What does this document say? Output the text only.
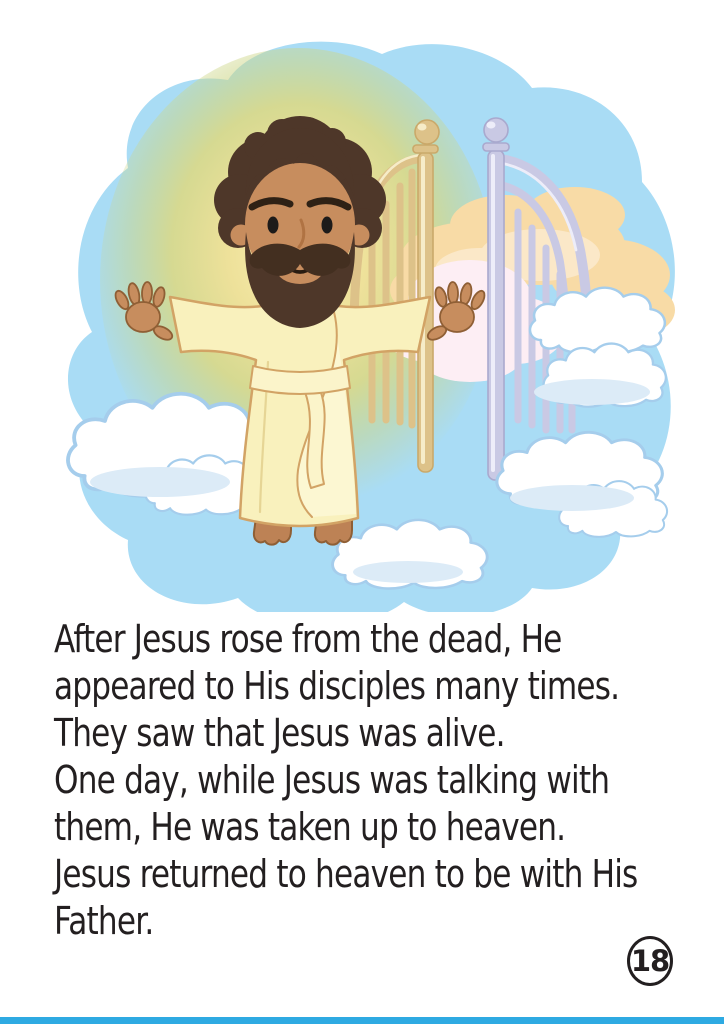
After Jesus rose from the dead, He

appeared to His disciples many times.

They saw that Jesus was alive.

One day, while Jesus was talking with

them, He was taken up to heaven.

Jesus returned to heaven to be with His

Father.

18
